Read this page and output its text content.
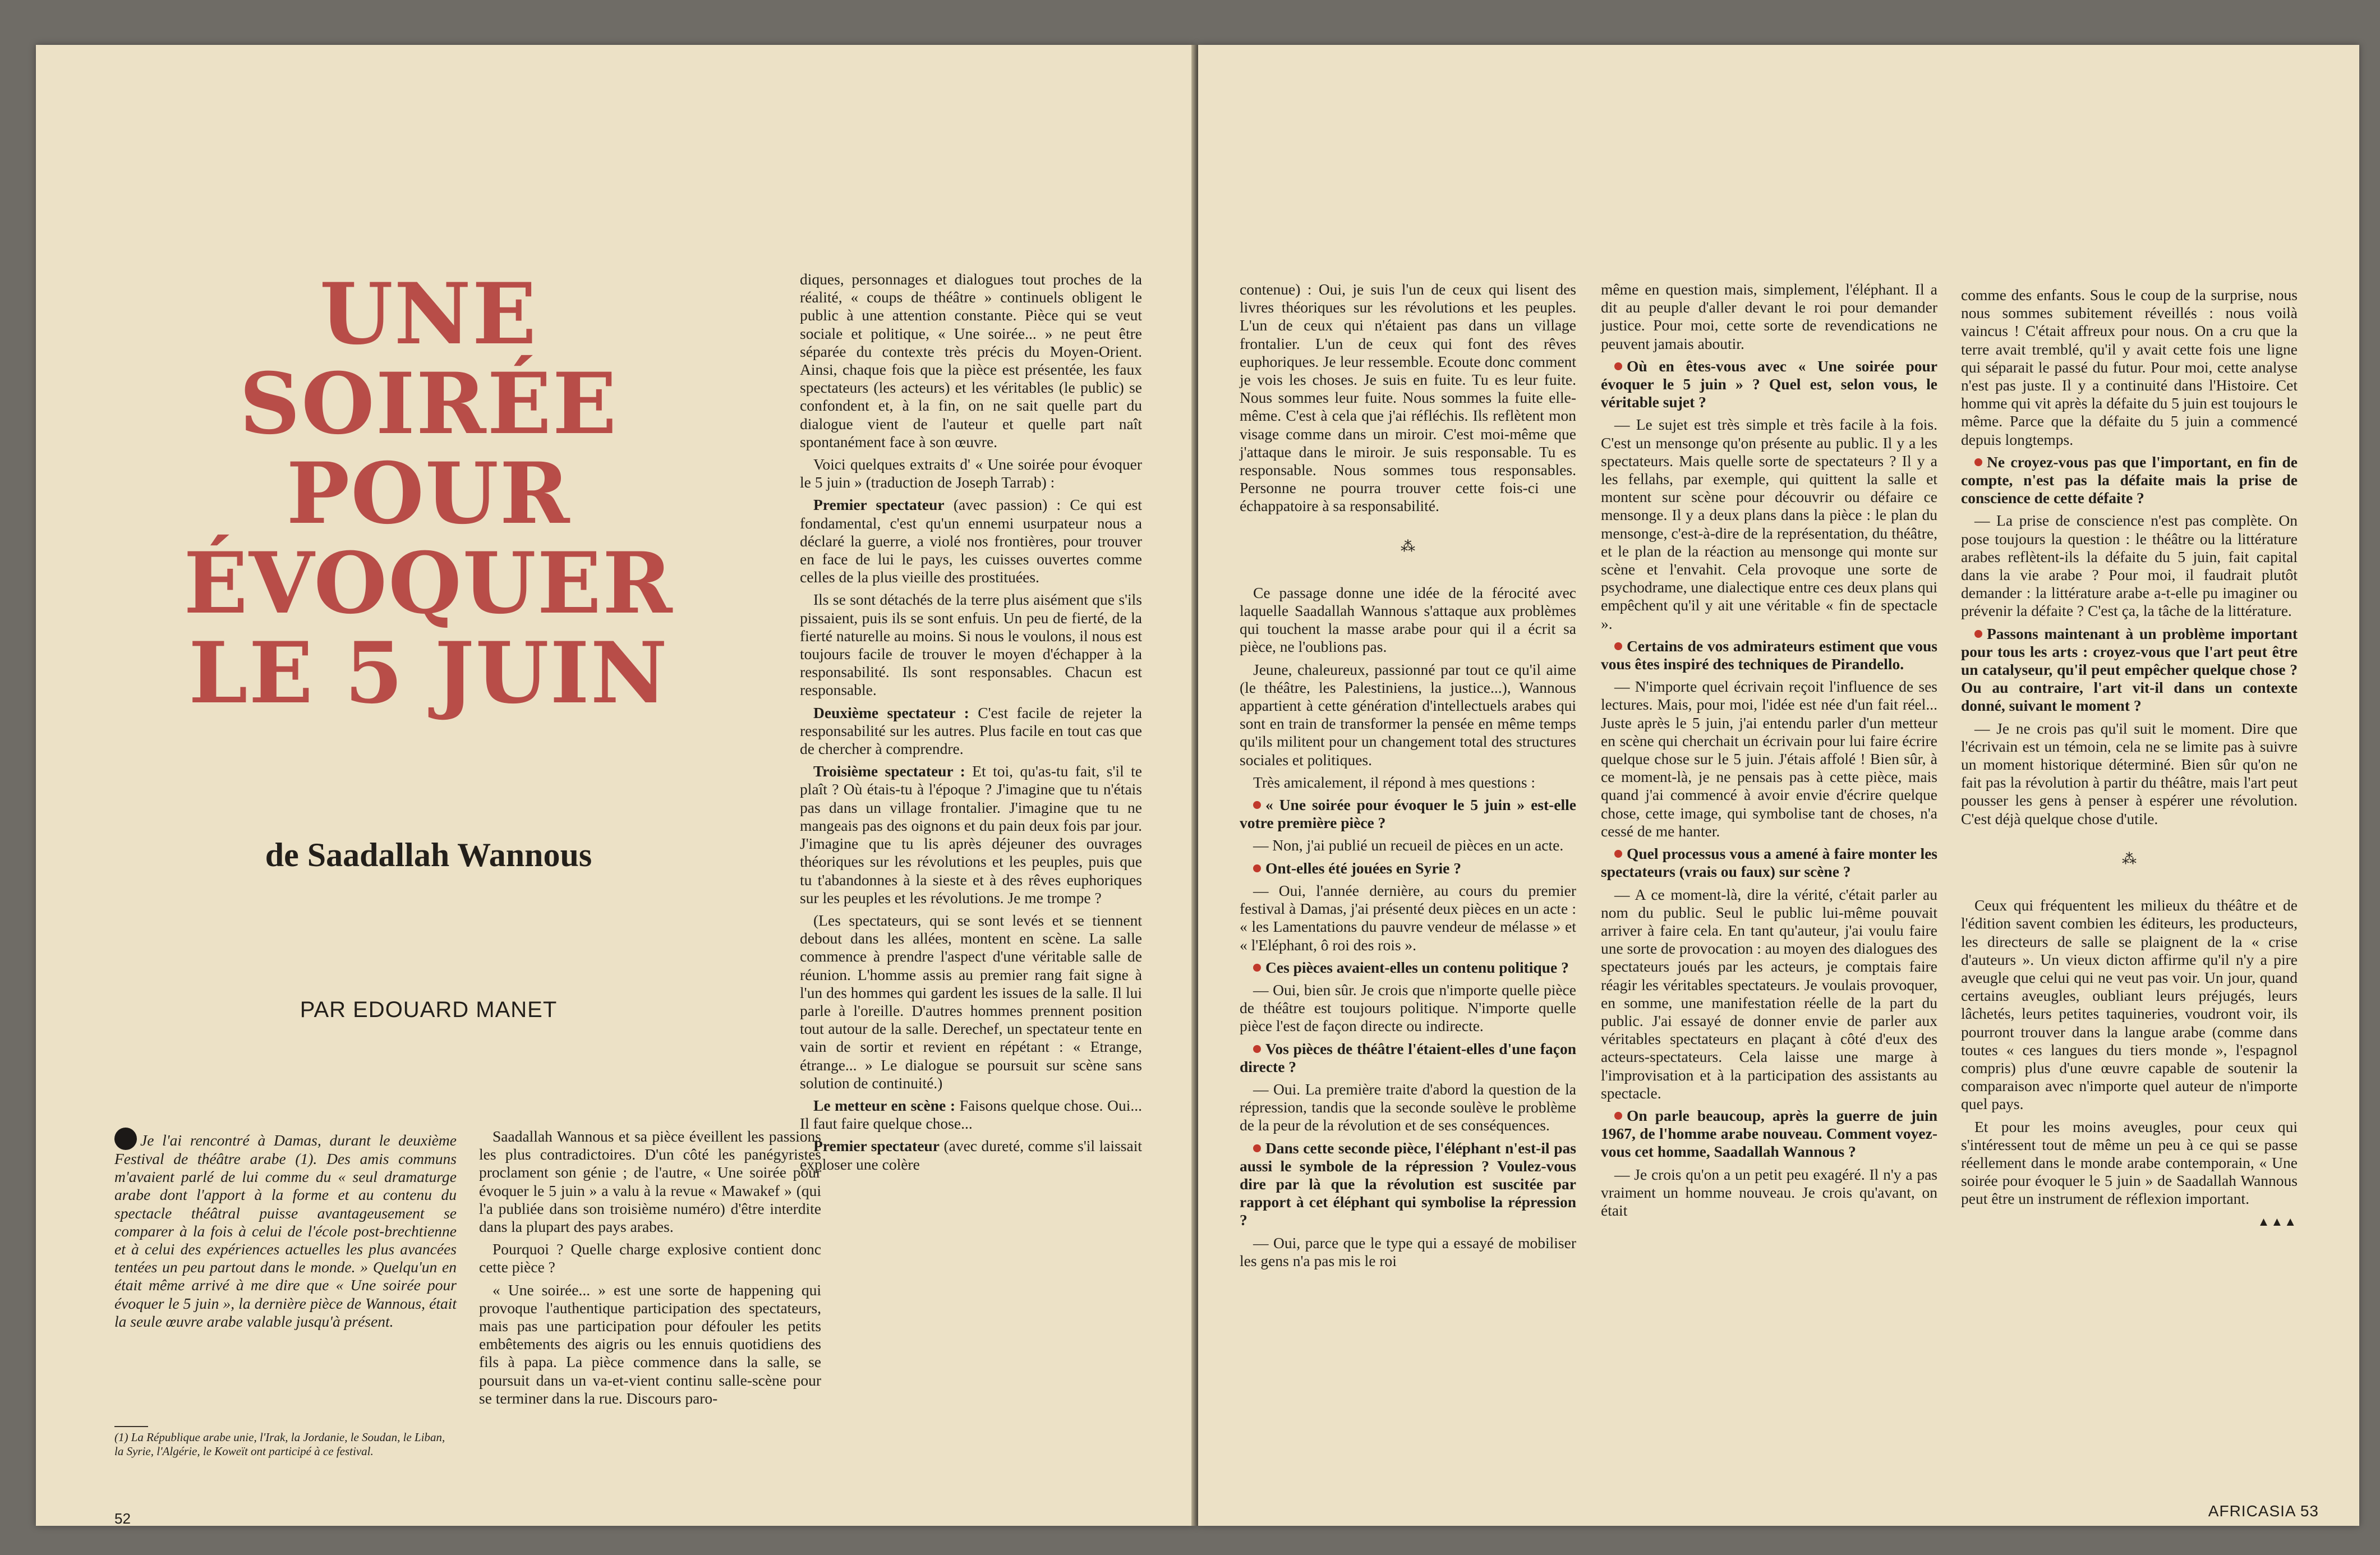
UNE
SOIRÉE
POUR
ÉVOQUER
LE 5 JUIN
de Saadallah Wannous
PAR EDOUARD MANET

Je l'ai rencontré à Damas, durant le deuxième Festival de théâtre arabe (1). Des amis communs m'avaient parlé de lui comme du « seul dramaturge arabe dont l'apport à la forme et au contenu du spectacle théâtral puisse avantageusement se comparer à la fois à celui de l'école post-brechtienne et à celui des expériences actuelles les plus avancées tentées un peu partout dans le monde. » Quelqu'un en était même arrivé à me dire que « Une soirée pour évoquer le 5 juin », la dernière pièce de Wannous, était la seule œuvre arabe valable jusqu'à présent.

(1) La République arabe unie, l'Irak, la Jordanie, le Soudan, le Liban, la Syrie, l'Algérie, le Koweït ont participé à ce festival.

Saadallah Wannous et sa pièce éveillent les passions les plus contradictoires. D'un côté les panégyristes proclament son génie ; de l'autre, « Une soirée pour évoquer le 5 juin » a valu à la revue « Mawakef » (qui l'a publiée dans son troisième numéro) d'être interdite dans la plupart des pays arabes.

Pourquoi ? Quelle charge explosive contient donc cette pièce ?

« Une soirée... » est une sorte de happening qui provoque l'authentique participation des spectateurs, mais pas une participation pour défouler les petits embêtements des aigris ou les ennuis quotidiens des fils à papa. La pièce commence dans la salle, se poursuit dans un va-et-vient continu salle-scène pour se terminer dans la rue. Discours paro-

diques, personnages et dialogues tout proches de la réalité, « coups de théâtre » continuels obligent le public à une attention constante. Pièce qui se veut sociale et politique, « Une soirée... » ne peut être séparée du contexte très précis du Moyen-Orient. Ainsi, chaque fois que la pièce est présentée, les faux spectateurs (les acteurs) et les véritables (le public) se confondent et, à la fin, on ne sait quelle part du dialogue vient de l'auteur et quelle part naît spontanément face à son œuvre.

Voici quelques extraits d' « Une soirée pour évoquer le 5 juin » (traduction de Joseph Tarrab) :

Premier spectateur (avec passion) : Ce qui est fondamental, c'est qu'un ennemi usurpateur nous a déclaré la guerre, a violé nos frontières, pour trouver en face de lui le pays, les cuisses ouvertes comme celles de la plus vieille des prostituées.

Ils se sont détachés de la terre plus aisément que s'ils pissaient, puis ils se sont enfuis. Un peu de fierté, de la fierté naturelle au moins. Si nous le voulons, il nous est toujours facile de trouver le moyen d'échapper à la responsabilité. Ils sont responsables. Chacun est responsable.

Deuxième spectateur : C'est facile de rejeter la responsabilité sur les autres. Plus facile en tout cas que de chercher à comprendre.

Troisième spectateur : Et toi, qu'as-tu fait, s'il te plaît ? Où étais-tu à l'époque ? J'imagine que tu n'étais pas dans un village frontalier. J'imagine que tu ne mangeais pas des oignons et du pain deux fois par jour. J'imagine que tu lis après déjeuner des ouvrages théoriques sur les révolutions et les peuples, puis que tu t'abandonnes à la sieste et à des rêves euphoriques sur les peuples et les révolutions. Je me trompe ?

(Les spectateurs, qui se sont levés et se tiennent debout dans les allées, montent en scène. La salle commence à prendre l'aspect d'une véritable salle de réunion. L'homme assis au premier rang fait signe à l'un des hommes qui gardent les issues de la salle. Il lui parle à l'oreille. D'autres hommes prennent position tout autour de la salle. Derechef, un spectateur tente en vain de sortir et revient en répétant : « Etrange, étrange... » Le dialogue se poursuit sur scène sans solution de continuité.)

Le metteur en scène : Faisons quelque chose. Oui... Il faut faire quelque chose...

Premier spectateur (avec dureté, comme s'il laissait exploser une colère

52

contenue) : Oui, je suis l'un de ceux qui lisent des livres théoriques sur les révolutions et les peuples. L'un de ceux qui n'étaient pas dans un village frontalier. L'un de ceux qui font des rêves euphoriques. Je leur ressemble. Ecoute donc comment je vois les choses. Je suis en fuite. Tu es leur fuite. Nous sommes leur fuite. Nous sommes la fuite elle-même. C'est à cela que j'ai réfléchis. Ils reflètent mon visage comme dans un miroir. C'est moi-même que j'attaque dans le miroir. Je suis responsable. Tu es responsable. Nous sommes tous responsables. Personne ne pourra trouver cette fois-ci une échappatoire à sa responsabilité.

⁂

Ce passage donne une idée de la férocité avec laquelle Saadallah Wannous s'attaque aux problèmes qui touchent la masse arabe pour qui il a écrit sa pièce, ne l'oublions pas.

Jeune, chaleureux, passionné par tout ce qu'il aime (le théâtre, les Palestiniens, la justice...), Wannous appartient à cette génération d'intellectuels arabes qui sont en train de transformer la pensée en même temps qu'ils militent pour un changement total des structures sociales et politiques.

Très amicalement, il répond à mes questions :

« Une soirée pour évoquer le 5 juin » est-elle votre première pièce ?

— Non, j'ai publié un recueil de pièces en un acte.

Ont-elles été jouées en Syrie ?

— Oui, l'année dernière, au cours du premier festival à Damas, j'ai présenté deux pièces en un acte : « les Lamentations du pauvre vendeur de mélasse » et « l'Eléphant, ô roi des rois ».

Ces pièces avaient-elles un contenu politique ?

— Oui, bien sûr. Je crois que n'importe quelle pièce de théâtre est toujours politique. N'importe quelle pièce l'est de façon directe ou indirecte.

Vos pièces de théâtre l'étaient-elles d'une façon directe ?

— Oui. La première traite d'abord la question de la répression, tandis que la seconde soulève le problème de la peur de la révolution et de ses conséquences.

Dans cette seconde pièce, l'éléphant n'est-il pas aussi le symbole de la répression ? Voulez-vous dire par là que la révolution est suscitée par rapport à cet éléphant qui symbolise la répression ?

— Oui, parce que le type qui a essayé de mobiliser les gens n'a pas mis le roi

même en question mais, simplement, l'éléphant. Il a dit au peuple d'aller devant le roi pour demander justice. Pour moi, cette sorte de revendications ne peuvent jamais aboutir.

Où en êtes-vous avec « Une soirée pour évoquer le 5 juin » ? Quel est, selon vous, le véritable sujet ?

— Le sujet est très simple et très facile à la fois. C'est un mensonge qu'on présente au public. Il y a les spectateurs. Mais quelle sorte de spectateurs ? Il y a les fellahs, par exemple, qui quittent la salle et montent sur scène pour découvrir ou défaire ce mensonge. Il y a deux plans dans la pièce : le plan du mensonge, c'est-à-dire de la représentation, du théâtre, et le plan de la réaction au mensonge qui monte sur scène et l'envahit. Cela provoque une sorte de psychodrame, une dialectique entre ces deux plans qui empêchent qu'il y ait une véritable « fin de spectacle ».

Certains de vos admirateurs estiment que vous vous êtes inspiré des techniques de Pirandello.

— N'importe quel écrivain reçoit l'influence de ses lectures. Mais, pour moi, l'idée est née d'un fait réel... Juste après le 5 juin, j'ai entendu parler d'un metteur en scène qui cherchait un écrivain pour lui faire écrire quelque chose sur le 5 juin. J'étais affolé ! Bien sûr, à ce moment-là, je ne pensais pas à cette pièce, mais quand j'ai commencé à avoir envie d'écrire quelque chose, cette image, qui symbolise tant de choses, n'a cessé de me hanter.

Quel processus vous a amené à faire monter les spectateurs (vrais ou faux) sur scène ?

— A ce moment-là, dire la vérité, c'était parler au nom du public. Seul le public lui-même pouvait arriver à faire cela. En tant qu'auteur, j'ai voulu faire une sorte de provocation : au moyen des dialogues des spectateurs joués par les acteurs, je comptais faire réagir les véritables spectateurs. Je voulais provoquer, en somme, une manifestation réelle de la part du public. J'ai essayé de donner envie de parler aux véritables spectateurs en plaçant à côté d'eux des acteurs-spectateurs. Cela laisse une marge à l'improvisation et à la participation des assistants au spectacle.

On parle beaucoup, après la guerre de juin 1967, de l'homme arabe nouveau. Comment voyez-vous cet homme, Saadallah Wannous ?

— Je crois qu'on a un petit peu exagéré. Il n'y a pas vraiment un homme nouveau. Je crois qu'avant, on était

comme des enfants. Sous le coup de la surprise, nous nous sommes subitement réveillés : nous voilà vaincus ! C'était affreux pour nous. On a cru que la terre avait tremblé, qu'il y avait cette fois une ligne qui séparait le passé du futur. Pour moi, cette analyse n'est pas juste. Il y a continuité dans l'Histoire. Cet homme qui vit après la défaite du 5 juin est toujours le même. Parce que la défaite du 5 juin a commencé depuis longtemps.

Ne croyez-vous pas que l'important, en fin de compte, n'est pas la défaite mais la prise de conscience de cette défaite ?

— La prise de conscience n'est pas complète. On pose toujours la question : le théâtre ou la littérature arabes reflètent-ils la défaite du 5 juin, fait capital dans la vie arabe ? Pour moi, il faudrait plutôt demander : la littérature arabe a-t-elle pu imaginer ou prévenir la défaite ? C'est ça, la tâche de la littérature.

Passons maintenant à un problème important pour tous les arts : croyez-vous que l'art peut être un catalyseur, qu'il peut empêcher quelque chose ? Ou au contraire, l'art vit-il dans un contexte donné, suivant le moment ?

— Je ne crois pas qu'il suit le moment. Dire que l'écrivain est un témoin, cela ne se limite pas à suivre un moment historique déterminé. Bien sûr qu'on ne fait pas la révolution à partir du théâtre, mais l'art peut pousser les gens à penser à espérer une révolution. C'est déjà quelque chose d'utile.

⁂

Ceux qui fréquentent les milieux du théâtre et de l'édition savent combien les éditeurs, les producteurs, les directeurs de salle se plaignent de la « crise d'auteurs ». Un vieux dicton affirme qu'il n'y a pire aveugle que celui qui ne veut pas voir. Un jour, quand certains aveugles, oubliant leurs préjugés, leurs lâchetés, leurs petites taquineries, voudront voir, ils pourront trouver dans la langue arabe (comme dans toutes « ces langues du tiers monde », l'espagnol compris) plus d'une œuvre capable de soutenir la comparaison avec n'importe quel auteur de n'importe quel pays.

Et pour les moins aveugles, pour ceux qui s'intéressent tout de même un peu à ce qui se passe réellement dans le monde arabe contemporain, « Une soirée pour évoquer le 5 juin » de Saadallah Wannous peut être un instrument de réflexion important.

▲▲▲

AFRICASIA 53
